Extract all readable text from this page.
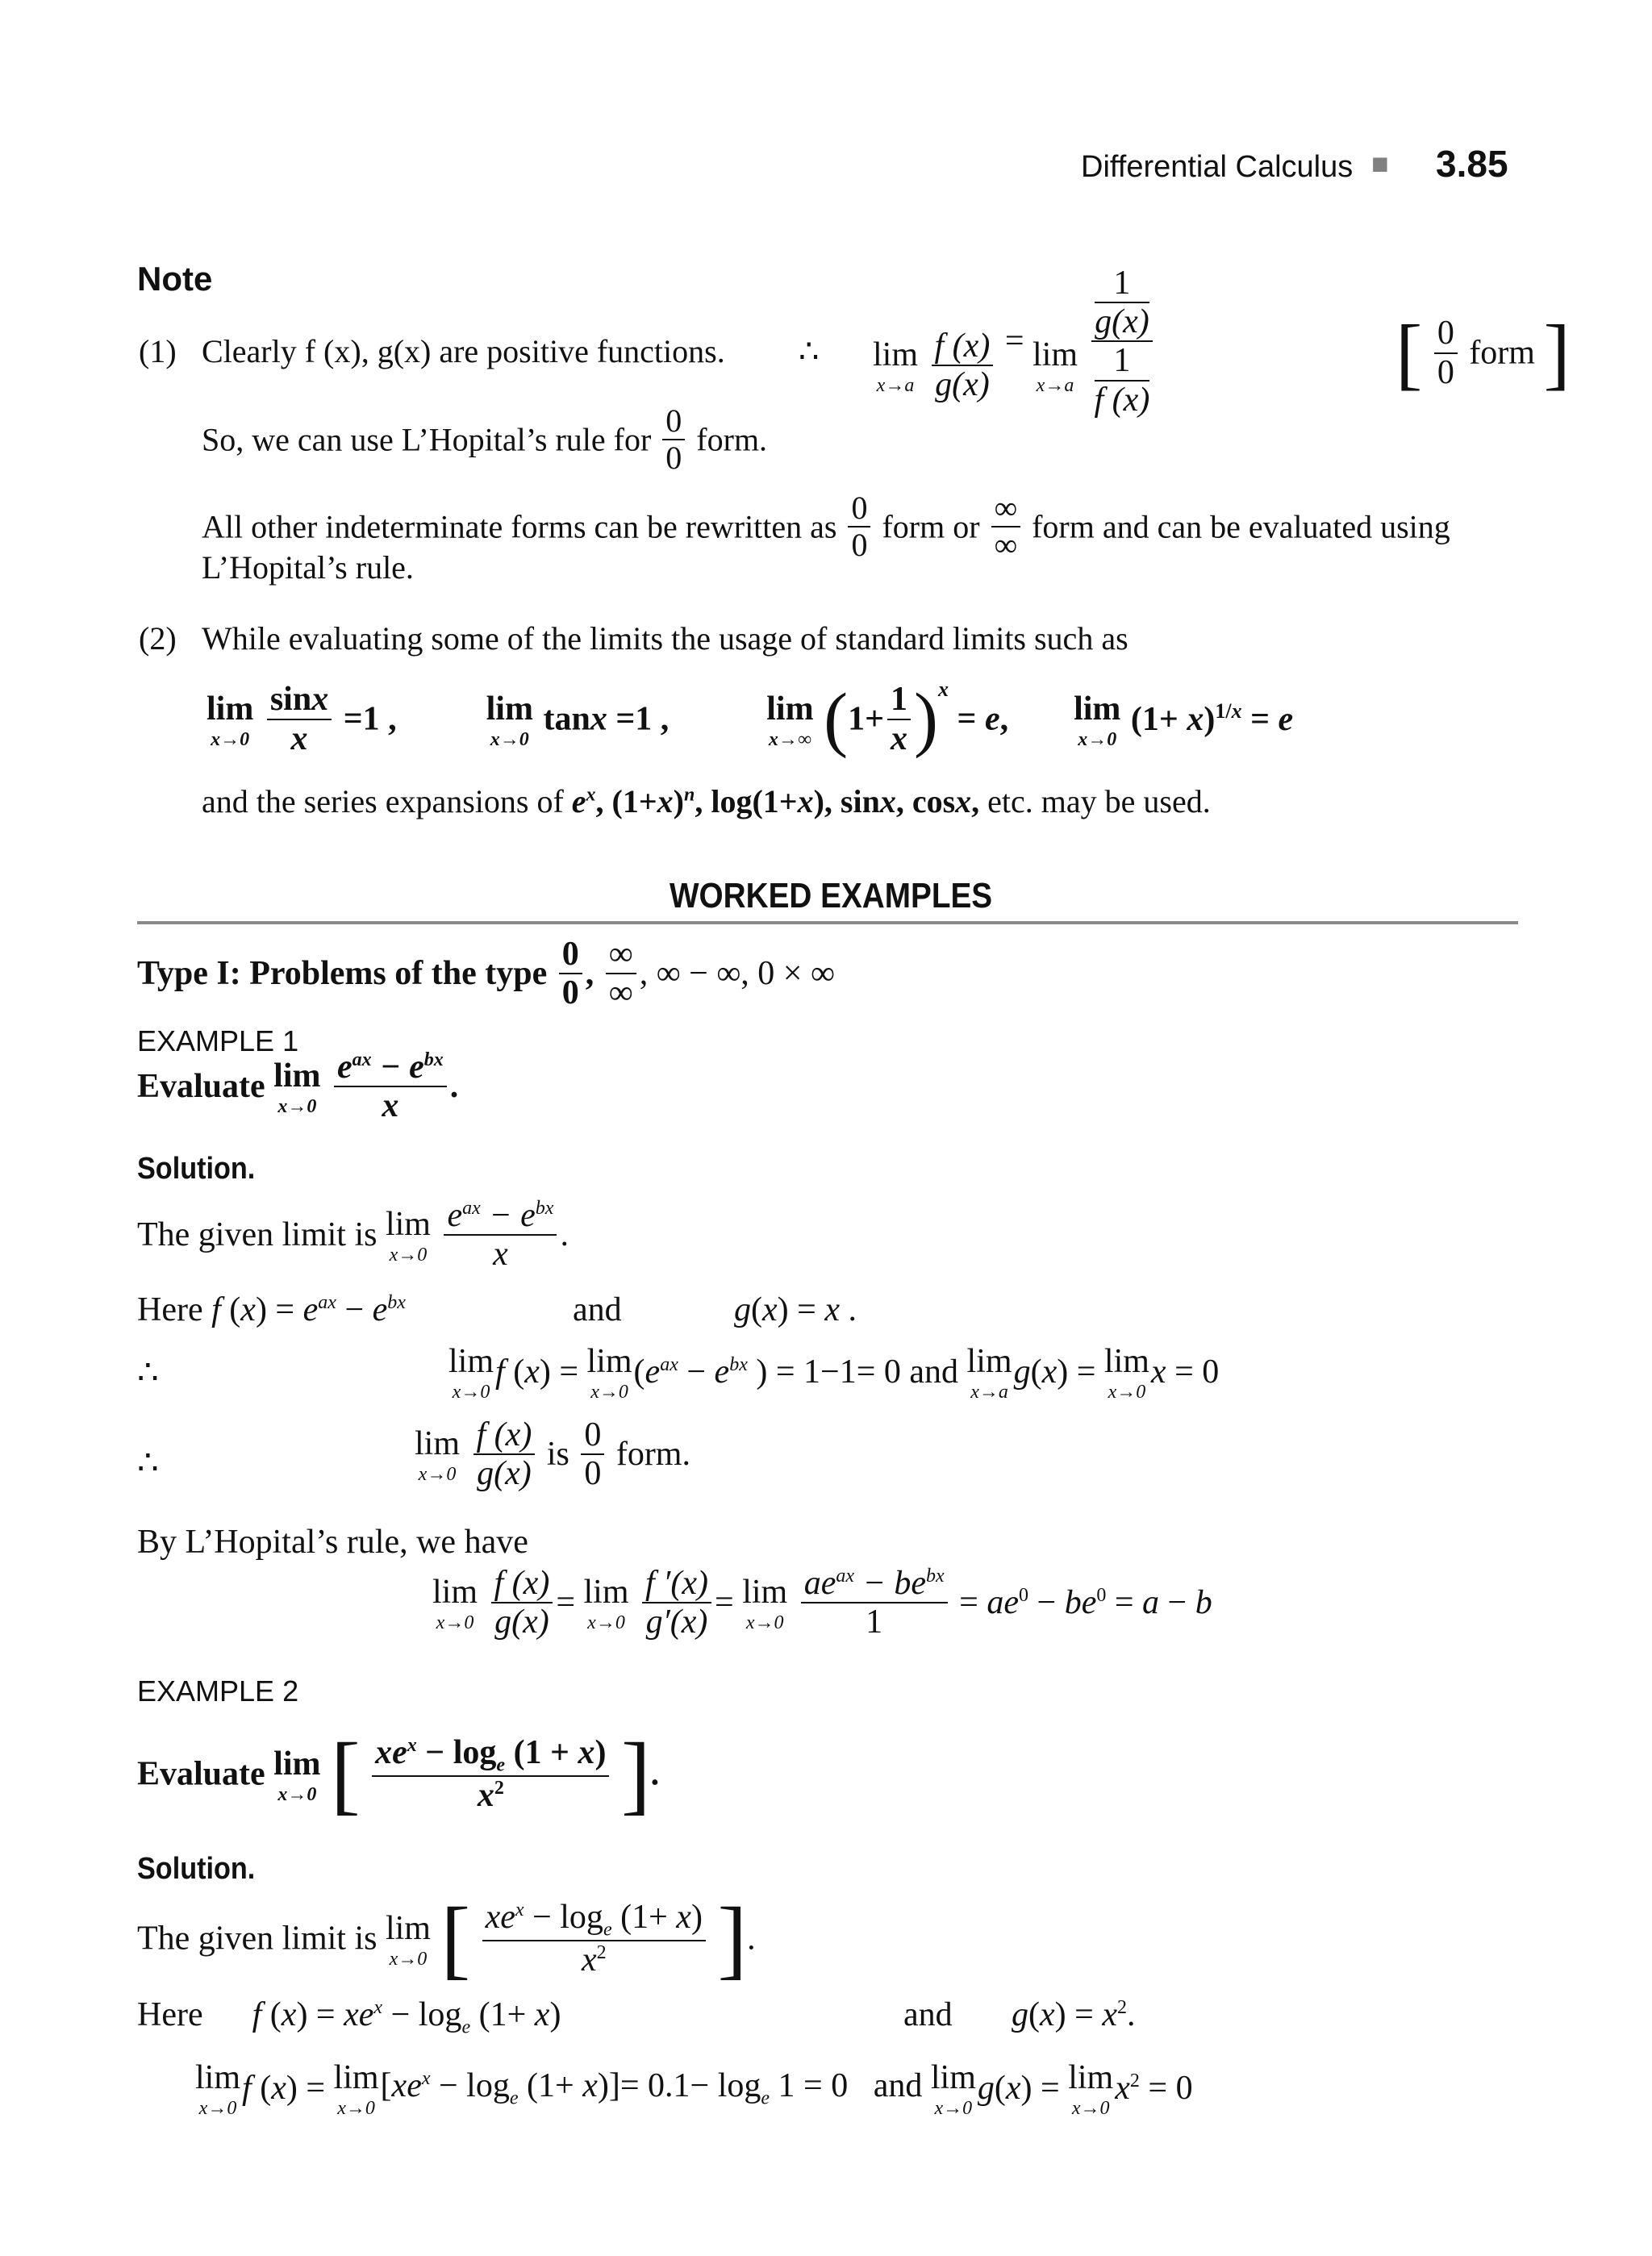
Differential Calculus ■ 3.85
Note
(1) Clearly f (x), g(x) are positive functions. ∴ lim
x→a
$\frac{f (x)}{g(x)} = \lim$
x→a

1
g(x)
1
f (x)
[ $\frac{0}{0}$ form ]
So, we can use L’Hopital’s rule for $\frac{0}{0}$ form.
All other indeterminate forms can be rewritten as $\frac{0}{0}$ form or $\frac{\infty}{\infty}$ form and can be evaluated using
L’Hopital’s rule.
(2) While evaluating some of the limits the usage of standard limits such as
lim
x→0
$\frac{\sin x}{x} =1$ ,	lim
x→0
tanx =1 ,	lim
x→∞ $(1+ \frac{1}{x} )^x = e$, lim
x→0
$(1+ x)^{1/x} = e$
and the series expansions of $e^x$, $(1+x)^n$, log(1+x), sinx, cosx, etc. may be used.
WORKED EXAMPLES
Type I: Problems of the type $\frac{0}{0}$ , $\frac{\infty}{\infty}$ , ∞ − ∞, 0 × ∞
EXAMPLE 1
Evaluate lim
x→0
$\frac{e^{ax} - e^{bx}}{x}$ .
Solution.
The given limit is lim
x→0
$\frac{e^{ax} - e^{bx}}{x}$ .
Here f $(x) = e^{ax} - e^{bx}$	and	g(x) = x .
∴	lim
x→0
f (x) = lim
x→0
($e^{ax} - e^{bx}$ ) = 1−1= 0 and lim
x→a
g(x) = lim
x→0
x = 0
∴
lim
x→0
$\frac{f (x)}{g(x)}$ is $\frac{0}{0}$ form.
By L’Hopital’s rule, we have
lim
x→0
$\frac{f (x)}{g(x)} = \lim$
x→0
$\frac{f '(x)}{g'(x)} = \lim$
x→0
$\frac{ae^{ax} - be^{bx}}{1} = ae^0 - be^0 = a - b$
EXAMPLE 2
Evaluate lim
x→0 [ $\frac{xe^x - \log_e (1 + x)}{x^2}$ ].
Solution.
The given limit is lim
x→0 [ $\frac{xe^x - \log_e (1+ x)}{x^2}$ ].
Here f $(x) = xe^x - \log_e (1+ x)$	and $g(x) = x^2$.
lim
x→0
f (x) = lim
x→0
$[xe^x - \log_e (1+ x)]= 0.1- \log_e 1 = 0$   and lim
x→0
g(x) = lim
x→0
$x^2 = 0$
